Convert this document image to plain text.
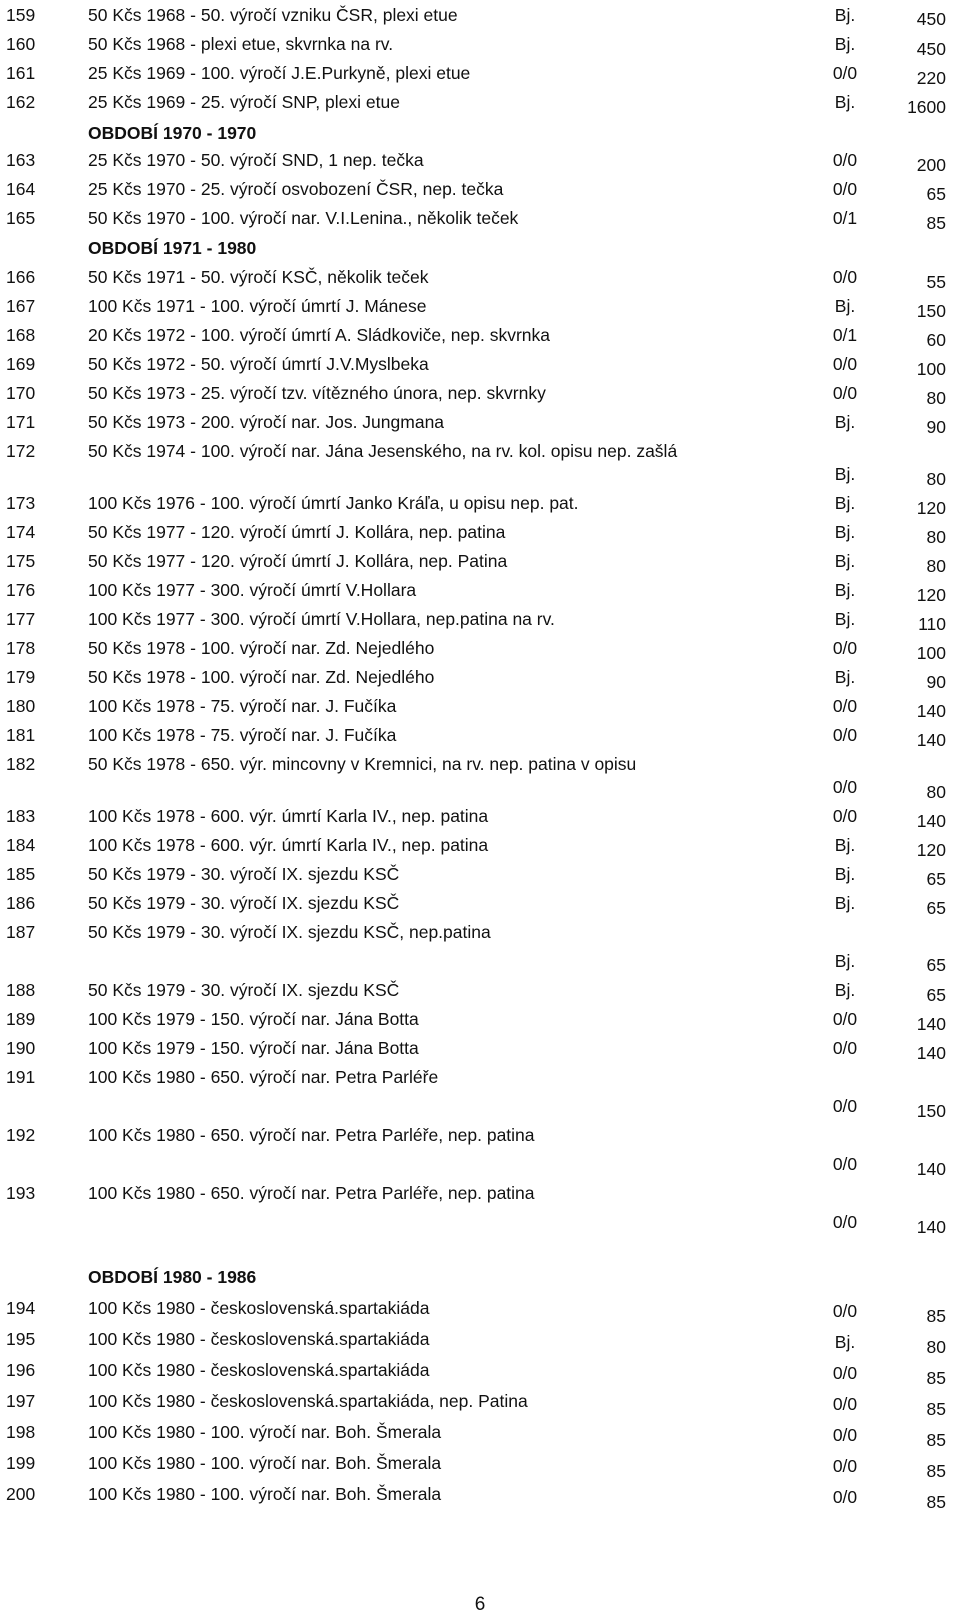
OBDOBÍ 1970 - 1970
OBDOBÍ 1971 - 1980
OBDOBÍ 1980 - 1986
6
159	50 Kčs 1968 - 50. výročí vzniku ČSR, plexi etue	Bj.	450
160	50 Kčs 1968 - plexi etue, skvrnka na rv.	Bj.	450
161	25 Kčs 1969 - 100. výročí J.E.Purkyně, plexi etue	0/0	220
162	25 Kčs 1969 - 25. výročí SNP, plexi etue	Bj.	1600
163	25 Kčs 1970 - 50. výročí SND, 1 nep. tečka	0/0	200
164	25 Kčs 1970 - 25. výročí osvobození ČSR, nep. tečka	0/0	65
165	50 Kčs 1970 - 100. výročí nar. V.I.Lenina., několik teček	0/1	85
166	50 Kčs 1971 - 50. výročí KSČ, několik teček	0/0	55
167	100 Kčs 1971 - 100. výročí úmrtí J. Mánese	Bj.	150
168	20 Kčs 1972 - 100. výročí úmrtí A. Sládkoviče, nep. skvrnka	0/1	60
169	50 Kčs 1972 - 50. výročí úmrtí J.V.Myslbeka	0/0	100
170	50 Kčs 1973 - 25. výročí tzv. vítězného února, nep. skvrnky	0/0	80
171	50 Kčs 1973 - 200. výročí nar. Jos. Jungmana	Bj.	90
172	50 Kčs 1974 - 100. výročí nar. Jána Jesenského, na rv. kol. opisu nep. zašlá
Bj.	80
173	100 Kčs 1976 - 100. výročí úmrtí Janko Kráľa, u opisu nep. pat.	Bj.	120
174	50 Kčs 1977 - 120. výročí úmrtí J. Kollára, nep. patina	Bj.	80
175	50 Kčs 1977 - 120. výročí úmrtí J. Kollára, nep. Patina	Bj.	80
176	100 Kčs 1977 - 300. výročí úmrtí V.Hollara	Bj.	120
177	100 Kčs 1977 - 300. výročí úmrtí V.Hollara, nep.patina na rv.	Bj.	110
178	50 Kčs 1978 - 100. výročí nar. Zd. Nejedlého	0/0	100
179	50 Kčs 1978 - 100. výročí nar. Zd. Nejedlého	Bj.	90
180	100 Kčs 1978 - 75. výročí nar. J. Fučíka	0/0	140
181	100 Kčs 1978 - 75. výročí nar. J. Fučíka	0/0	140
182	50 Kčs 1978 - 650. výr. mincovny v Kremnici, na rv. nep. patina v opisu
0/0	80
183	100 Kčs 1978 - 600. výr. úmrtí Karla IV., nep. patina	0/0	140
184	100 Kčs 1978 - 600. výr. úmrtí Karla IV., nep. patina	Bj.	120
185	50 Kčs 1979 - 30. výročí IX. sjezdu KSČ	Bj.	65
186	50 Kčs 1979 - 30. výročí IX. sjezdu KSČ	Bj.	65
187	50 Kčs 1979 - 30. výročí IX. sjezdu KSČ, nep.patina
Bj.	65
188	50 Kčs 1979 - 30. výročí IX. sjezdu KSČ	Bj.	65
189	100 Kčs 1979 - 150. výročí nar. Jána Botta	0/0	140
190	100 Kčs 1979 - 150. výročí nar. Jána Botta	0/0	140
191	100 Kčs 1980 - 650. výročí nar. Petra Parléře
0/0	150
192	100 Kčs 1980 - 650. výročí nar. Petra Parléře, nep. patina
0/0	140
193	100 Kčs 1980 - 650. výročí nar. Petra Parléře, nep. patina
0/0	140
194	100 Kčs 1980 - československá.spartakiáda	0/0	85
195	100 Kčs 1980 - československá.spartakiáda	Bj.	80
196	100 Kčs 1980 - československá.spartakiáda	0/0	85
197	100 Kčs 1980 - československá.spartakiáda, nep. Patina	0/0	85
198	100 Kčs 1980 - 100. výročí nar. Boh. Šmerala	0/0	85
199	100 Kčs 1980 - 100. výročí nar. Boh. Šmerala	0/0	85
200	100 Kčs 1980 - 100. výročí nar. Boh. Šmerala	0/0	85
